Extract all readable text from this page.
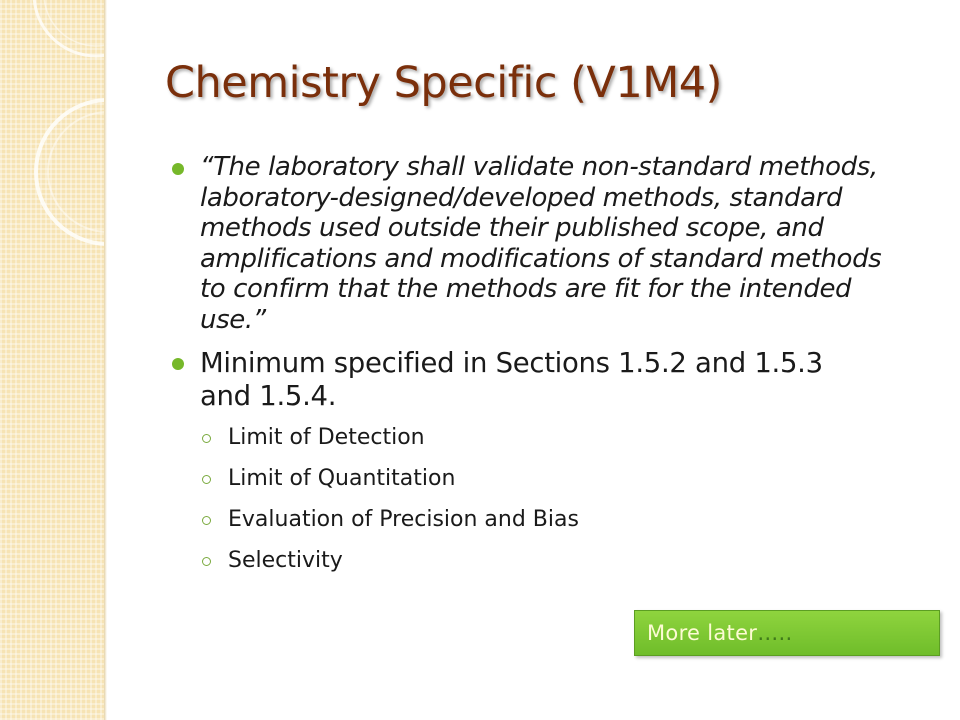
Chemistry Specific (V1M4)
“The laboratory shall validate non-standard methods, laboratory-designed/developed methods, standard methods used outside their published scope, and amplifications and modifications of standard methods to confirm that the methods are fit for the intended use.”
Minimum specified in Sections 1.5.2 and 1.5.3 and 1.5.4.
Limit of Detection
Limit of Quantitation
Evaluation of Precision and Bias
Selectivity
More later…..
